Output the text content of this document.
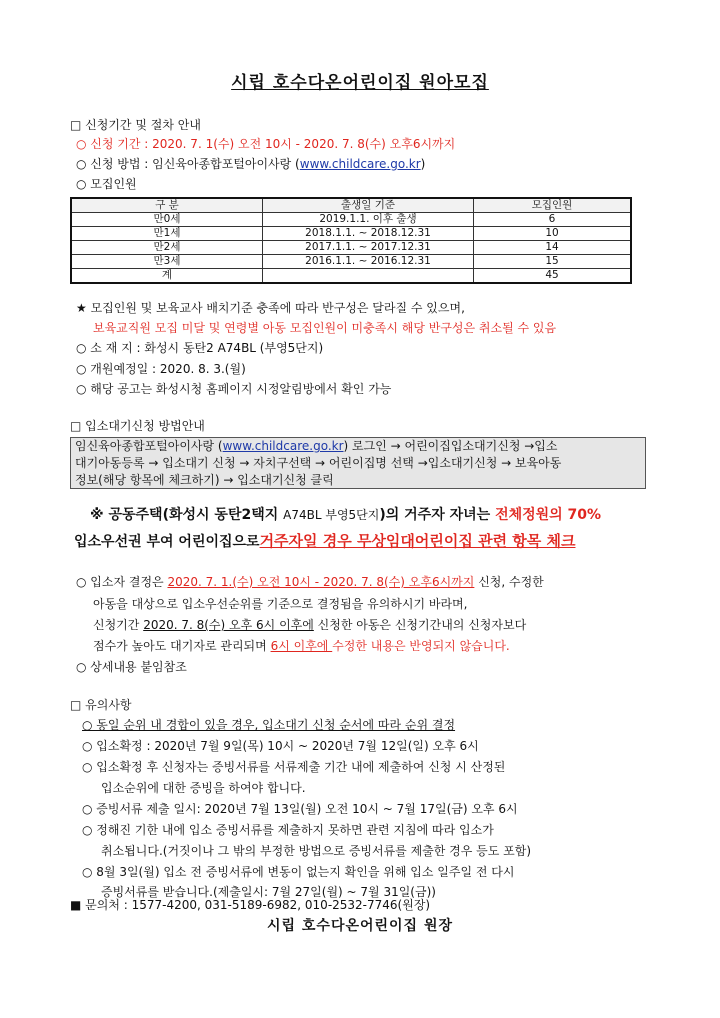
시립 호수다온어린이집 원아모집
□ 신청기간 및 절차 안내
○ 신청 기간 : 2020. 7. 1(수) 오전 10시 - 2020. 7. 8(수) 오후6시까지
○ 신청 방법 : 임신육아종합포털아이사랑 (www.childcare.go.kr)
○ 모집인원
구 분	출생일 기준	모집인원
만0세	2019.1.1. 이후 출생	6
만1세	2018.1.1. ~ 2018.12.31	10
만2세	2017.1.1. ~ 2017.12.31	14
만3세	2016.1.1. ~ 2016.12.31	15
계		45
★ 모집인원 및 보육교사 배치기준 충족에 따라 반구성은 달라질 수 있으며,
보육교직원 모집 미달 및 연령별 아동 모집인원이 미충족시 해당 반구성은 취소될 수 있음
○ 소 재 지 : 화성시 동탄2 A74BL (부영5단지)
○ 개원예정일 : 2020. 8. 3.(월)
○ 해당 공고는 화성시청 홈페이지 시정알림방에서 확인 가능
□ 입소대기신청 방법안내
임신육아종합포털아이사랑 (www.childcare.go.kr) 로그인 → 어린이집입소대기신청 →입소
대기아동등록 → 입소대기 신청 → 자치구선택 → 어린이집명 선택 →입소대기신청 → 보육아동
정보(해당 항목에 체크하기) → 입소대기신청 클릭
※ 공동주택(화성시 동탄2택지 A74BL 부영5단지)의 거주자 자녀는 전체정원의 70%
입소우선권 부여 어린이집으로거주자일 경우 무상임대어린이집 관련 항목 체크
○ 입소자 결정은 2020. 7. 1.(수) 오전 10시 - 2020. 7. 8(수) 오후6시까지 신청, 수정한
아동을 대상으로 입소우선순위를 기준으로 결정됨을 유의하시기 바라며,
신청기간 2020. 7. 8(수) 오후 6시 이후에 신청한 아동은 신청기간내의 신청자보다
점수가 높아도 대기자로 관리되며 6시 이후에 수정한 내용은 반영되지 않습니다.
○ 상세내용 붙임참조
□ 유의사항
○ 동일 순위 내 경합이 있을 경우, 입소대기 신청 순서에 따라 순위 결정
○ 입소확정 : 2020년 7월 9일(목) 10시 ~ 2020년 7월 12일(일) 오후 6시
○ 입소확정 후 신청자는 증빙서류를 서류제출 기간 내에 제출하여 신청 시 산정된
입소순위에 대한 증빙을 하여야 합니다.
○ 증빙서류 제출 일시: 2020년 7월 13일(월) 오전 10시 ~ 7월 17일(금) 오후 6시
○ 정해진 기한 내에 입소 증빙서류를 제출하지 못하면 관련 지침에 따라 입소가
취소됩니다.(거짓이나 그 밖의 부정한 방법으로 증빙서류를 제출한 경우 등도 포함)
○ 8월 3일(월) 입소 전 증빙서류에 변동이 없는지 확인을 위해 입소 일주일 전 다시
증빙서류를 받습니다.(제출일시: 7월 27일(월) ~ 7월 31일(금))
■ 문의처 : 1577-4200, 031-5189-6982, 010-2532-7746(원장)
시립 호수다온어린이집 원장
